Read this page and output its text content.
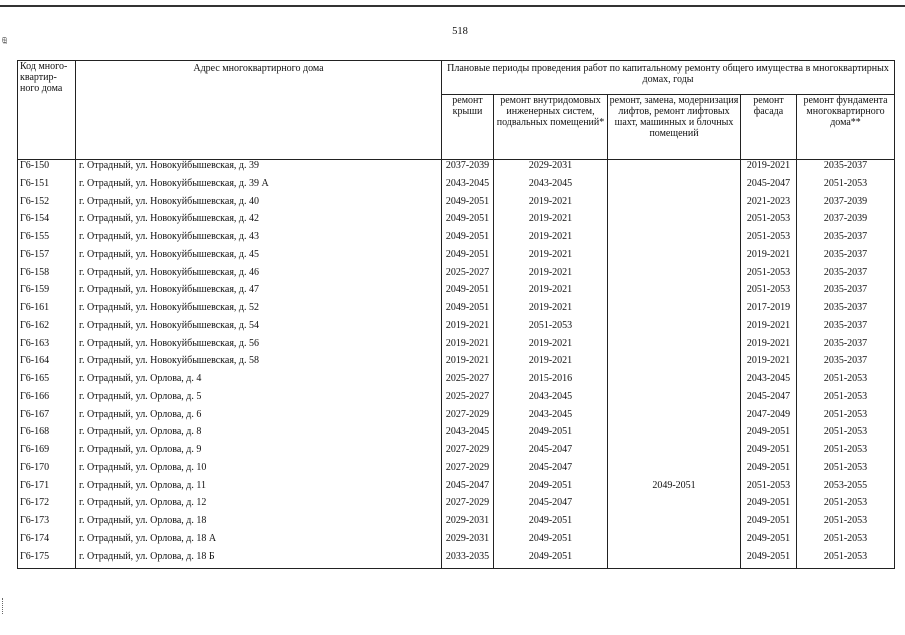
ı69
518
Код много-квартир-ного дома	Адрес многоквартирного дома	Плановые периоды проведения работ по капитальному ремонту общего имущества в многоквартирных домах, годы				
		ремонт крыши	ремонт внутридомовых инженерных систем, подвальных помещений*	ремонт, замена, модернизация лифтов, ремонт лифтовых шахт, машинных и блочных помещений	ремонт фасада	ремонт фундамента многоквартирного дома**
Г6-150	г. Отрадный, ул. Новокуйбышевская, д. 39	2037-2039	2029-2031		2019-2021	2035-2037
Г6-151	г. Отрадный, ул. Новокуйбышевская, д. 39 А	2043-2045	2043-2045		2045-2047	2051-2053
Г6-152	г. Отрадный, ул. Новокуйбышевская, д. 40	2049-2051	2019-2021		2021-2023	2037-2039
Г6-154	г. Отрадный, ул. Новокуйбышевская, д. 42	2049-2051	2019-2021		2051-2053	2037-2039
Г6-155	г. Отрадный, ул. Новокуйбышевская, д. 43	2049-2051	2019-2021		2051-2053	2035-2037
Г6-157	г. Отрадный, ул. Новокуйбышевская, д. 45	2049-2051	2019-2021		2019-2021	2035-2037
Г6-158	г. Отрадный, ул. Новокуйбышевская, д. 46	2025-2027	2019-2021		2051-2053	2035-2037
Г6-159	г. Отрадный, ул. Новокуйбышевская, д. 47	2049-2051	2019-2021		2051-2053	2035-2037
Г6-161	г. Отрадный, ул. Новокуйбышевская, д. 52	2049-2051	2019-2021		2017-2019	2035-2037
Г6-162	г. Отрадный, ул. Новокуйбышевская, д. 54	2019-2021	2051-2053		2019-2021	2035-2037
Г6-163	г. Отрадный, ул. Новокуйбышевская, д. 56	2019-2021	2019-2021		2019-2021	2035-2037
Г6-164	г. Отрадный, ул. Новокуйбышевская, д. 58	2019-2021	2019-2021		2019-2021	2035-2037
Г6-165	г. Отрадный, ул. Орлова, д. 4	2025-2027	2015-2016		2043-2045	2051-2053
Г6-166	г. Отрадный, ул. Орлова, д. 5	2025-2027	2043-2045		2045-2047	2051-2053
Г6-167	г. Отрадный, ул. Орлова, д. 6	2027-2029	2043-2045		2047-2049	2051-2053
Г6-168	г. Отрадный, ул. Орлова, д. 8	2043-2045	2049-2051		2049-2051	2051-2053
Г6-169	г. Отрадный, ул. Орлова, д. 9	2027-2029	2045-2047		2049-2051	2051-2053
Г6-170	г. Отрадный, ул. Орлова, д. 10	2027-2029	2045-2047		2049-2051	2051-2053
Г6-171	г. Отрадный, ул. Орлова, д. 11	2045-2047	2049-2051	2049-2051	2051-2053	2053-2055
Г6-172	г. Отрадный, ул. Орлова, д. 12	2027-2029	2045-2047		2049-2051	2051-2053
Г6-173	г. Отрадный, ул. Орлова, д. 18	2029-2031	2049-2051		2049-2051	2051-2053
Г6-174	г. Отрадный, ул. Орлова, д. 18 А	2029-2031	2049-2051		2049-2051	2051-2053
Г6-175	г. Отрадный, ул. Орлова, д. 18 Б	2033-2035	2049-2051		2049-2051	2051-2053
